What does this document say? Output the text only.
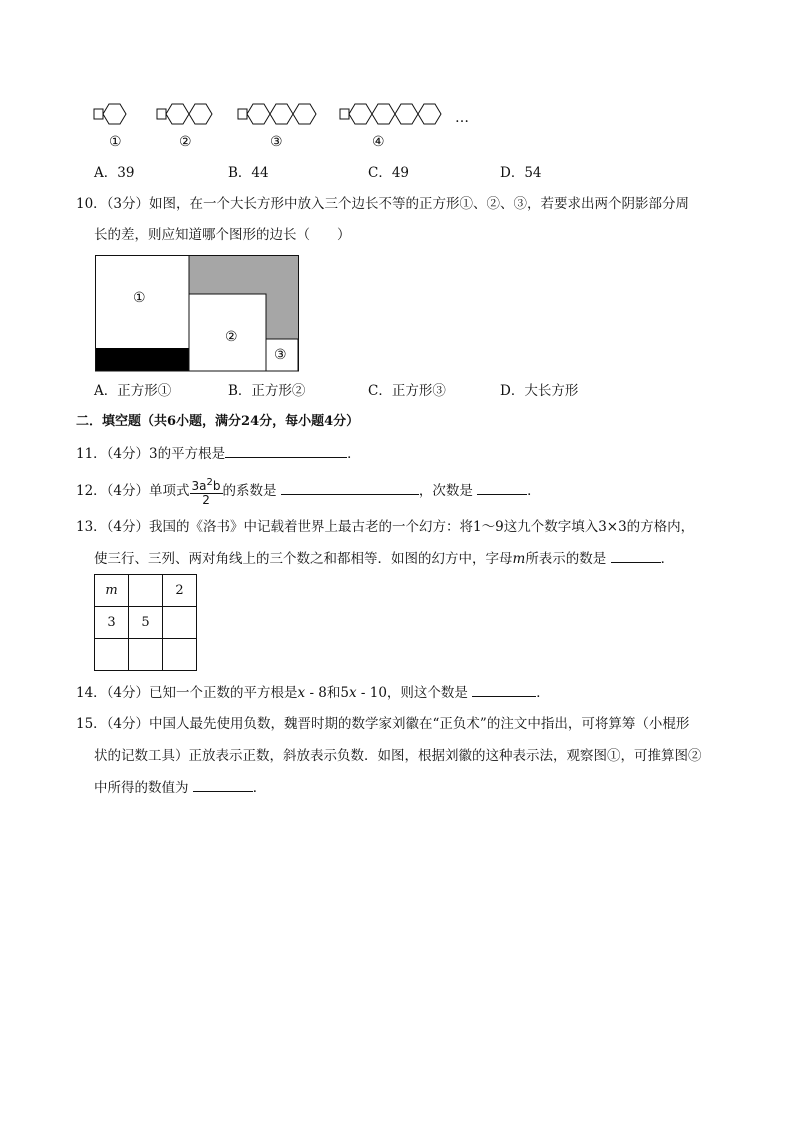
①	②	③	④
…
A．39	B．44	C．49	D．54
10．（3分）如图，在一个大长方形中放入三个边长不等的正方形①、②、③，若要求出两个阴影部分周
长的差，则应知道哪个图形的边长（　　）
①
②
③
A．正方形①	B．正方形②	C．正方形③	D．大长方形
二．填空题（共6小题，满分24分，每小题4分）
11．（4分）3的平方根是	．
12．（4分）单项式 $\frac{3a^2b}{2}$ 的系数是	，次数是	．
13．（4分）我国的《洛书》中记载着世界上最古老的一个幻方：将1～9这九个数字填入3×3的方格内，
使三行、三列、两对角线上的三个数之和都相等．如图的幻方中，字母m所表示的数是	．
m		2
3	5	

14．（4分）已知一个正数的平方根是x - 8和5x - 10，则这个数是	．
15．（4分）中国人最先使用负数，魏晋时期的数学家刘徽在“正负术”的注文中指出，可将算筹（小棍形
状的记数工具）正放表示正数，斜放表示负数．如图，根据刘徽的这种表示法，观察图①，可推算图②
中所得的数值为	．
